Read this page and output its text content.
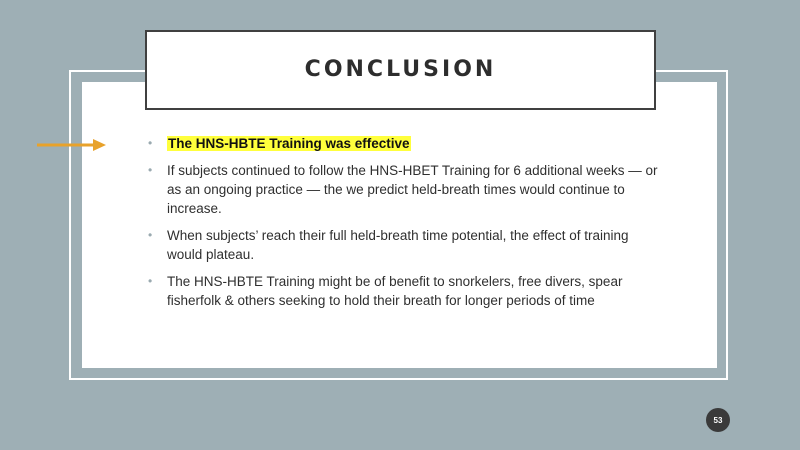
CONCLUSION
• The HNS-HBTE Training was effective
• If subjects continued to follow the HNS-HBET Training for 6 additional weeks — or as an ongoing practice — the we predict held-breath times would continue to increase.
• When subjects’ reach their full held-breath time potential, the effect of training would plateau.
• The HNS-HBTE Training might be of benefit to snorkelers, free divers, spear fisherfolk & others seeking to hold their breath for longer periods of time
53
